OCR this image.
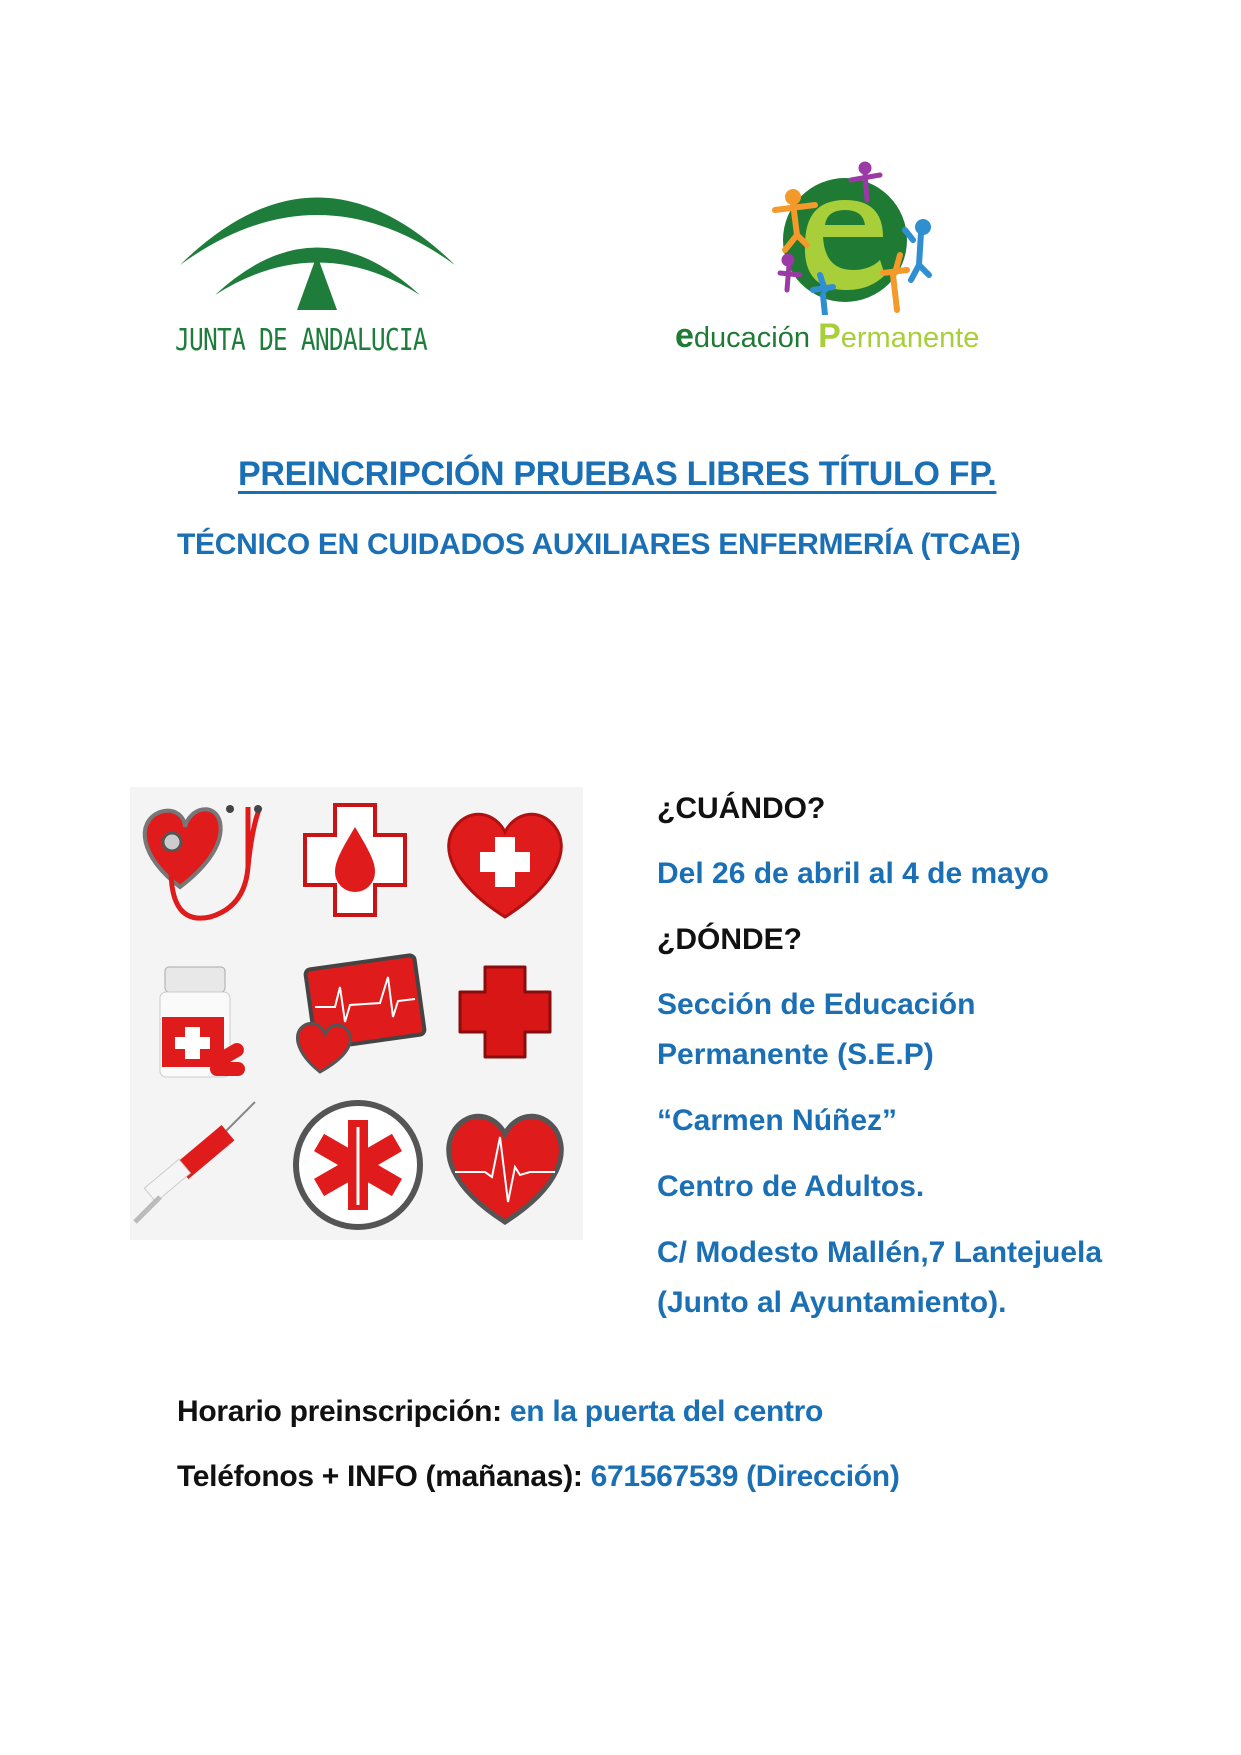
JUNTA DE ANDALUCIA	educación Permanente
PREINCRIPCIÓN PRUEBAS LIBRES TÍTULO FP.
TÉCNICO EN CUIDADOS AUXILIARES ENFERMERÍA (TCAE)
¿CUÁNDO?
Del 26 de abril al 4 de mayo
¿DÓNDE?
Sección de Educación
Permanente (S.E.P)
“Carmen Núñez”
Centro de Adultos.
C/ Modesto Mallén,7 Lantejuela
(Junto al Ayuntamiento).
Horario preinscripción: en la puerta del centro
Teléfonos + INFO (mañanas): 671567539 (Dirección)
